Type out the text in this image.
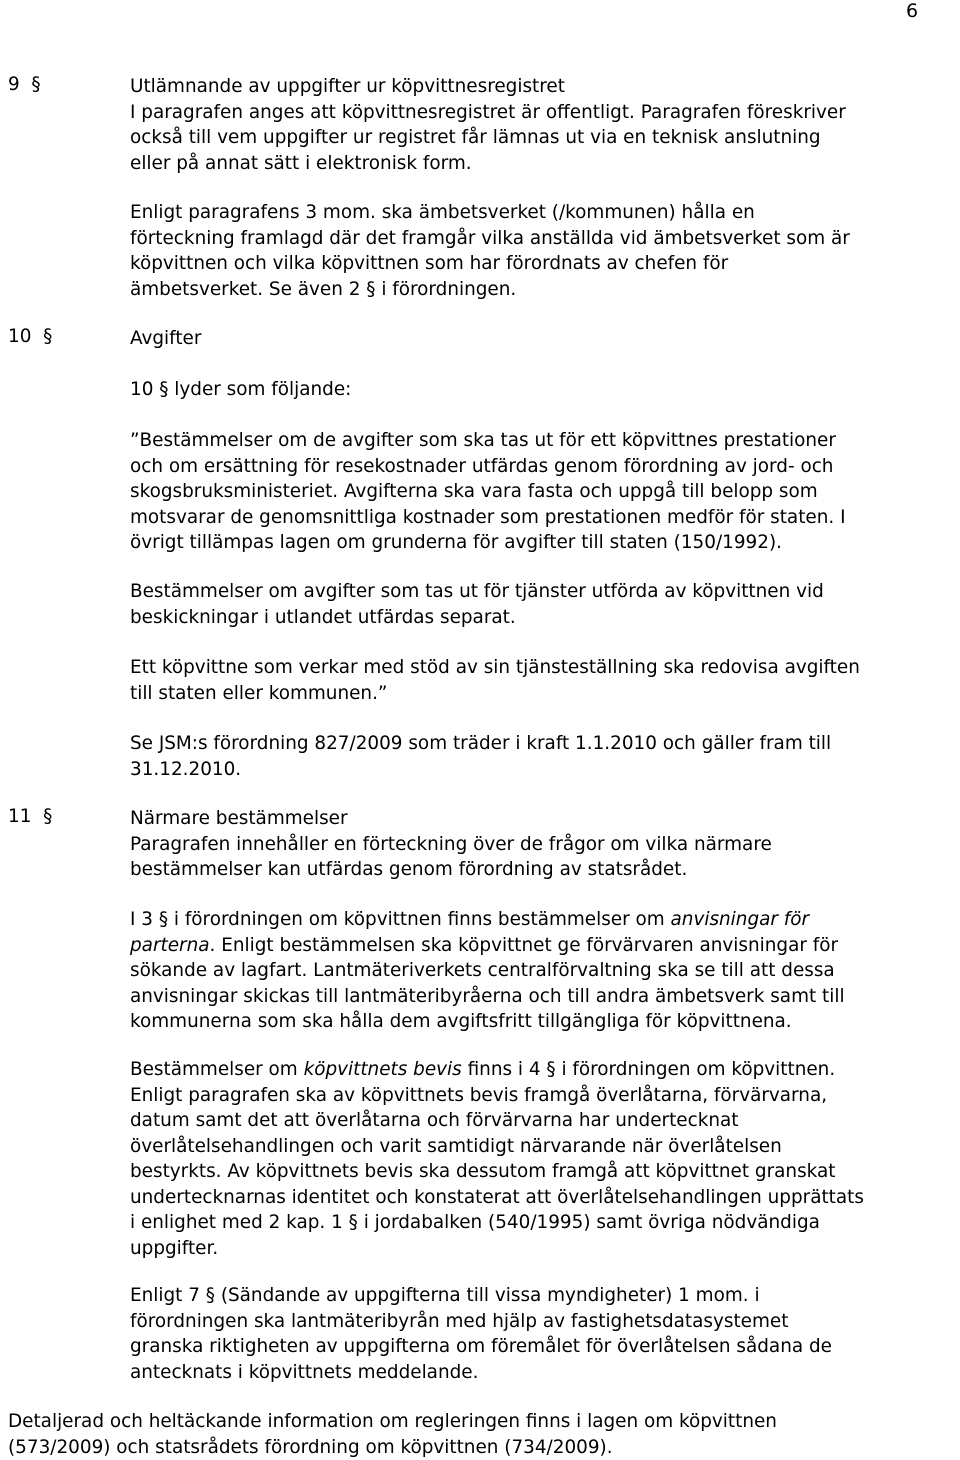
6
9 §	Utlämnande av uppgifter ur köpvittnesregistret
I paragrafen anges att köpvittnesregistret är offentligt. Paragrafen föreskriver
också till vem uppgifter ur registret får lämnas ut via en teknisk anslutning
eller på annat sätt i elektronisk form.
Enligt paragrafens 3 mom. ska ämbetsverket (/kommunen) hålla en
förteckning framlagd där det framgår vilka anställda vid ämbetsverket som är
köpvittnen och vilka köpvittnen som har förordnats av chefen för
ämbetsverket. Se även 2 § i förordningen.
10 §	Avgifter
10 § lyder som följande:
”Bestämmelser om de avgifter som ska tas ut för ett köpvittnes prestationer
och om ersättning för resekostnader utfärdas genom förordning av jord- och
skogsbruksministeriet. Avgifterna ska vara fasta och uppgå till belopp som
motsvarar de genomsnittliga kostnader som prestationen medför för staten. I
övrigt tillämpas lagen om grunderna för avgifter till staten (150/1992).
Bestämmelser om avgifter som tas ut för tjänster utförda av köpvittnen vid
beskickningar i utlandet utfärdas separat.
Ett köpvittne som verkar med stöd av sin tjänsteställning ska redovisa avgiften
till staten eller kommunen.”
Se JSM:s förordning 827/2009 som träder i kraft 1.1.2010 och gäller fram till
31.12.2010.
11 §	Närmare bestämmelser
Paragrafen innehåller en förteckning över de frågor om vilka närmare
bestämmelser kan utfärdas genom förordning av statsrådet.
I 3 § i förordningen om köpvittnen finns bestämmelser om anvisningar för
parterna. Enligt bestämmelsen ska köpvittnet ge förvärvaren anvisningar för
sökande av lagfart. Lantmäteriverkets centralförvaltning ska se till att dessa
anvisningar skickas till lantmäteribyråerna och till andra ämbetsverk samt till
kommunerna som ska hålla dem avgiftsfritt tillgängliga för köpvittnena.
Bestämmelser om köpvittnets bevis finns i 4 § i förordningen om köpvittnen.
Enligt paragrafen ska av köpvittnets bevis framgå överlåtarna, förvärvarna,
datum samt det att överlåtarna och förvärvarna har undertecknat
överlåtelsehandlingen och varit samtidigt närvarande när överlåtelsen
bestyrkts. Av köpvittnets bevis ska dessutom framgå att köpvittnet granskat
undertecknarnas identitet och konstaterat att överlåtelsehandlingen upprättats
i enlighet med 2 kap. 1 § i jordabalken (540/1995) samt övriga nödvändiga
uppgifter.
Enligt 7 § (Sändande av uppgifterna till vissa myndigheter) 1 mom. i
förordningen ska lantmäteribyrån med hjälp av fastighetsdatasystemet
granska riktigheten av uppgifterna om föremålet för överlåtelsen sådana de
antecknats i köpvittnets meddelande.
Detaljerad och heltäckande information om regleringen finns i lagen om köpvittnen
(573/2009) och statsrådets förordning om köpvittnen (734/2009).
